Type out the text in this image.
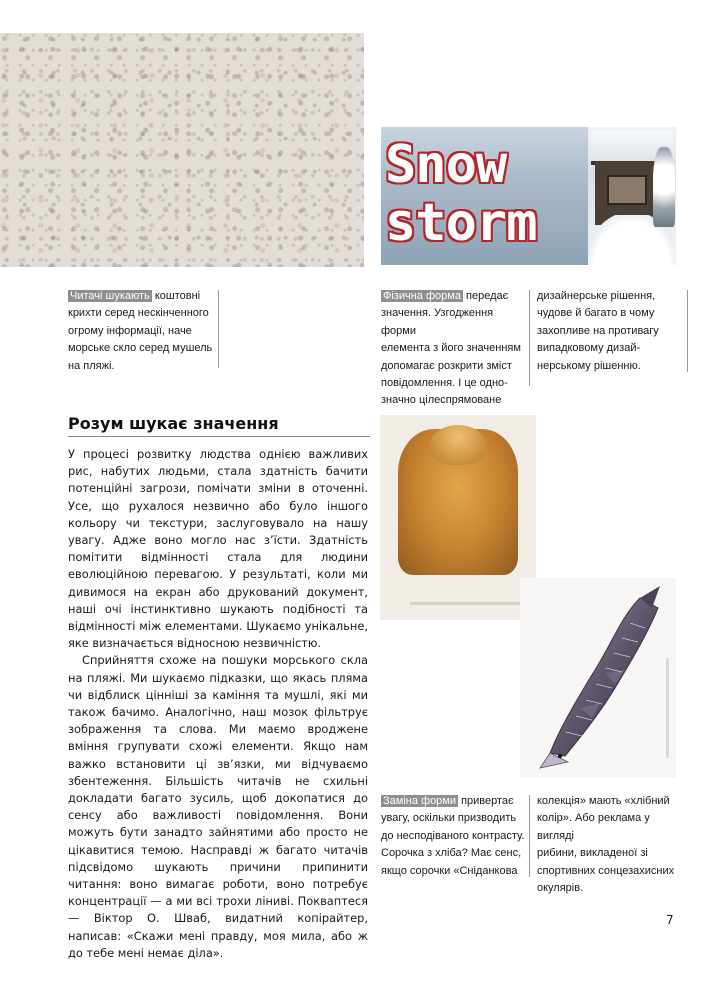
Snow
storm
Читачі шукають коштовні
крихти серед нескінченного
огрому інформації, наче
морське скло серед мушель
на пляжі.
Фізична форма передає
значення. Узгодження форми
елемента з його значенням
допомагає розкрити зміст
повідомлення. І це одно-
значно цілеспрямоване
дизайнерське рішення,
чудове й багато в чому
захопливе на противагу
випадковому дизай-
нерському рішенню.
Розум шукає значення

У процесі розвитку людства однією важливих рис, набутих людьми, стала здатність бачити потенційні загрози, помічати зміни в оточенні. Усе, що рухалося незвично або було іншого кольору чи текстури, заслуговувало на нашу увагу. Адже воно могло нас з’їсти. Здатність помітити відмінності стала для людини еволюційною перевагою. У результаті, коли ми дивимося на екран або друкований документ, наші очі інстинктивно шукають подібності та відмінності між елементами. Шукаємо унікальне, яке визначається відносною незвичністю.

Сприйняття схоже на пошуки морського скла на пляжі. Ми шукаємо підказки, що якась пляма чи відблиск цінніші за каміння та мушлі, які ми також бачимо. Аналогічно, наш мозок фільтрує зображення та слова. Ми маємо вроджене вміння групувати схожі елементи. Якщо нам важко встановити ці зв’язки, ми відчуваємо збентеження. Більшість читачів не схильні докладати багато зусиль, щоб докопатися до сенсу або важливості повідомлення. Вони можуть бути занадто зайнятими або просто не цікавитися темою. Насправді ж багато читачів підсвідомо шукають причини припинити читання: воно вимагає роботи, воно потребує концентрації — а ми всі трохи ліниві. Покваптеся — Віктор О. Шваб, видатний копірайтер, написав: «Скажи мені правду, моя мила, або ж до тебе мені немає діла».

Заміна форми привертає
увагу, оскільки призводить
до несподіваного контрасту.
Сорочка з хліба? Має сенс,
якщо сорочки «Сніданкова
колекція» мають «хлібний
колір». Або реклама у вигляді
рибини, викладеної зі
спортивних сонцезахисних
окулярів.
7
